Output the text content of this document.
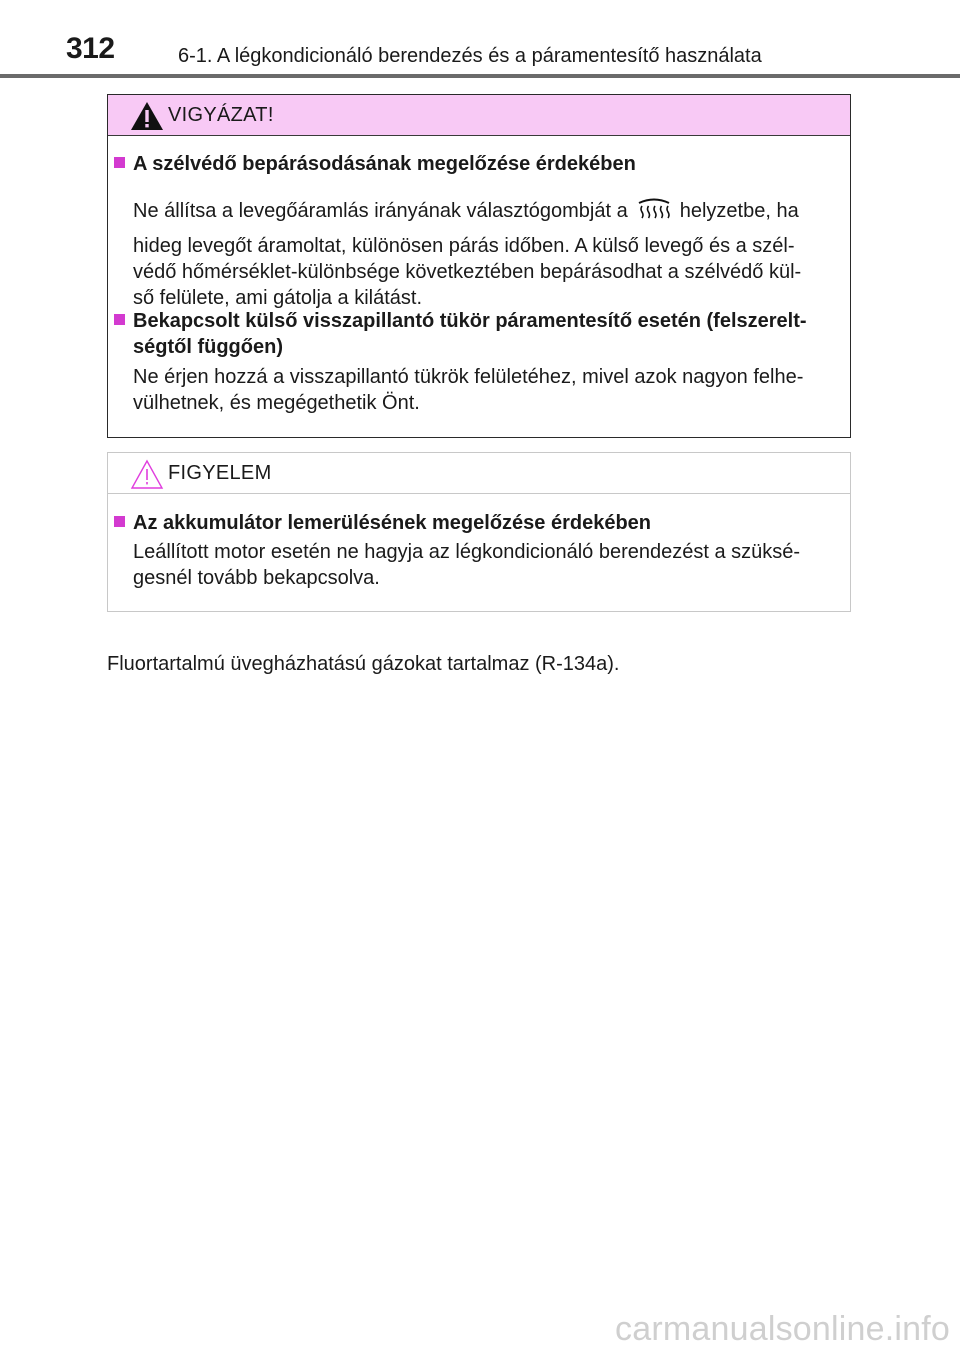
312	6-1. A légkondicionáló berendezés és a páramentesítő használata
VIGYÁZAT!
A szélvédő bepárásodásának megelőzése érdekében
Ne állítsa a levegőáramlás irányának választógombját a	helyzetbe, ha
hideg levegőt áramoltat, különösen párás időben. A külső levegő és a szél-
védő hőmérséklet-különbsége következtében bepárásodhat a szélvédő kül-
ső felülete, ami gátolja a kilátást.
Bekapcsolt külső visszapillantó tükör páramentesítő esetén (felszerelt-
ségtől függően)
Ne érjen hozzá a visszapillantó tükrök felületéhez, mivel azok nagyon felhe-
vülhetnek, és megégethetik Önt.
FIGYELEM
Az akkumulátor lemerülésének megelőzése érdekében
Leállított motor esetén ne hagyja az légkondicionáló berendezést a szüksé-
gesnél tovább bekapcsolva.
Fluortartalmú üvegházhatású gázokat tartalmaz (R-134a).
carmanualsonline.info
